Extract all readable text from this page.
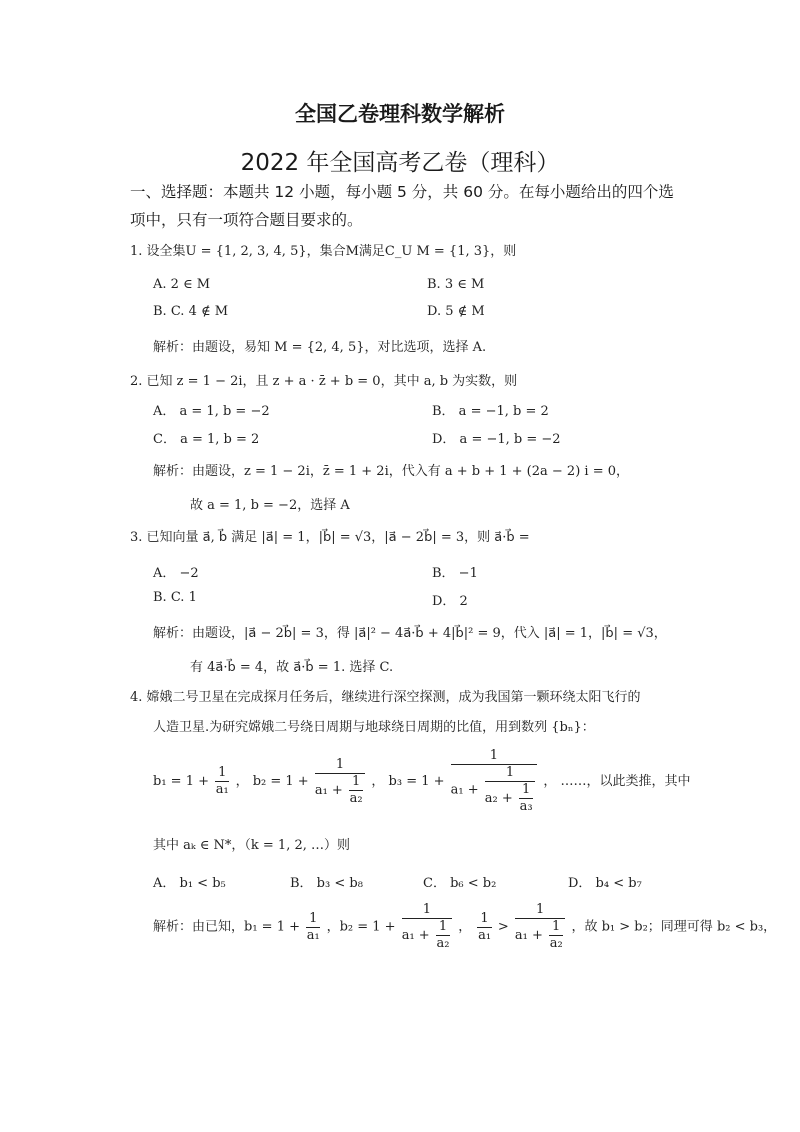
全国乙卷理科数学解析
2022 年全国高考乙卷（理科）
一、选择题：本题共 12 小题，每小题 5 分，共 60 分。在每小题给出的四个选
项中，只有一项符合题目要求的。
1. 设全集U = {1, 2, 3, 4, 5}，集合M满足C_U M = {1, 3}，则
A. 2 ∈ M	B. 3 ∈ M
B. C. 4 ∉ M	D. 5 ∉ M
解析：由题设，易知 M = {2, 4, 5}，对比选项，选择 A.
2. 已知 z = 1 − 2i，且 z + a · z̄ + b = 0，其中 a, b 为实数，则
A． a = 1, b = −2	B． a = −1, b = 2
C． a = 1, b = 2	D． a = −1, b = −2
解析：由题设，z = 1 − 2i，z̄ = 1 + 2i，代入有 a + b + 1 + (2a − 2) i = 0，
故 a = 1, b = −2，选择 A
3. 已知向量 a⃗, b⃗ 满足 |a⃗| = 1，|b⃗| = √3，|a⃗ − 2b⃗| = 3，则 a⃗·b⃗ =
A． −2	B． −1
B. C. 1	D． 2
解析：由题设，|a⃗ − 2b⃗| = 3，得 |a⃗|² − 4a⃗·b⃗ + 4|b⃗|² = 9，代入 |a⃗| = 1，|b⃗| = √3，
有 4a⃗·b⃗ = 4，故 a⃗·b⃗ = 1. 选择 C.
4. 嫦娥二号卫星在完成探月任务后，继续进行深空探测，成为我国第一颗环绕太阳飞行的
人造卫星.为研究嫦娥二号绕日周期与地球绕日周期的比值，用到数列 {bₙ}：
$b_1 = 1 + \frac{1}{\text{a₁}}$ ， $b_2 = 1 + \frac{1}{a_1 + \frac{1}{\text{a₂}}}$ ， b₃ = 1 +
1
$a_1 + \frac{1}{a_2 + \frac{1}{\text{a₃}}}$ ， ……，以此类推，其中
其中 aₖ ∈ N*，（k = 1, 2, …）则
A． b₁ < b₅	B． b₃ < b₈	C． b₆ < b₂	D． b₄ < b₇
解析：由已知，$b_1 = 1 + \frac{1}{\text{a₁}}$ ，$b_2 = 1 + \frac{1}{a_1 + \frac{1}{\text{a₂}}}$ ， $\frac{1}{\text{a₁}} > \frac{1}{a_1 + \frac{1}{\text{a₂}}}$ ，故 b₁ > b₂；同理可得 b₂ < b₃，
